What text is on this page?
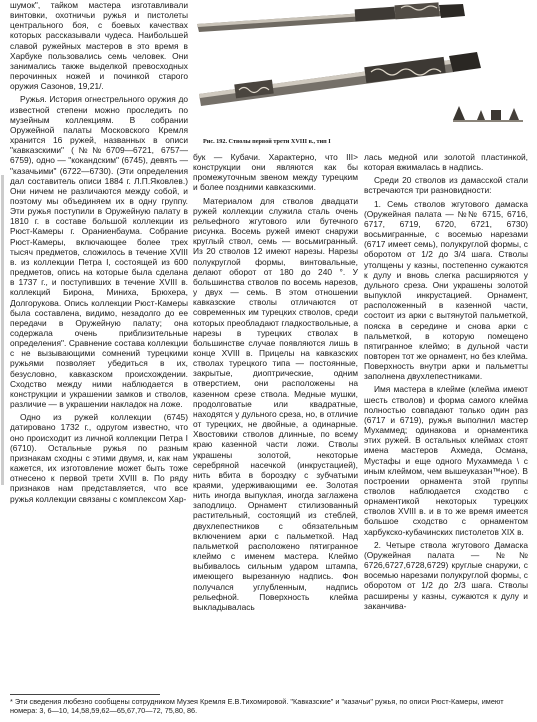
шумок", тайком мастера изготавливали винтовки, охотничьи ружья и пистолеты центрального боя, с боевых качествах которых рассказывали чудеса. Наибольшей славой ружейных мастеров в это время в Харбуке пользовались семь человек. Они занимались также выделкой превосходных перочинных ножей и починкой старого оружия Сазонов, 19,21/.

Ружья. История огнестрельного оружия до известной степени можно проследить по музейным коллекциям. В собрании Оружейной палаты Московского Кремля хранится 16 ружей, названных в описи "кавказскими" (№№6709—6721, 6757—6759), одно — "кокандским" (6745), девять — "казачьими" (6722—6730). (Эти определения дал составитель описи 1884 г. Л.П.Яковлев.) Они ничем не различаются между собой, и поэтому мы объединяем их в одну группу. Эти ружья поступили в Оружейную палату в 1810 г. в составе большой коллекции из Рюст-Камеры г. Ораниенбаума. Собрание Рюст-Камеры, включающее более трех тысяч предметов, сложилось в течение XVIII в. из коллекции Петра I, состоящей из 600 предметов, опись на которые была сделана в 1737 г., и поступивших в течение XVIII в. коллекций Бирона, Миниха, Брюхера, Долгорукова. Опись коллекции Рюст-Камеры была составлена, видимо, незадолго до ее передачи в Оружейную палату; она содержала очень приблизительные определения". Сравнение состава коллекции с не вызывающими сомнений турецкими ружьями позволяет убедиться в их, безусловно, кавказском происхождении. Сходство между ними наблюдается в конструкции и украшении замков и стволов, различие — в украшении накладок на ложе.

Одно из ружей коллекции (6745) датировано 1732 г., одругом известно, что оно происходит из личной коллекции Петра I (6710). Остальные ружья по разным признакам сходны с этими двумя, и, как нам кажется, их изготовление может быть тоже отнесено к первой трети XVIII в. По ряду признаков нам представляется, что все ружья коллекции связаны с комплексом Хар-

Рис. 192. Стволы первой трети XVIII в., тип I

бук — Кубачи. Характерно, что III> конструкции они являются как бы промежуточным звеном между турецким и более поздними кавказскими.

Материалом для стволов двадцати ружей коллекции служила сталь очень рельефного жгутового или бутечного рисунка. Восемь ружей имеют снаружи круглый ствол, семь — восьмигранный. Из 20 стволов 12 имеют нарезы. Нарезы полукруглой формы, винтовальные, делают оборот от 180 до 240 °. У большинства стволов по восемь нарезов, у двух — семь. В этом отношении кавказские стволы отличаются от современных им турецких стволов, среди которых преобладают гладкоствольные, а нарезы в турецких стволах в большинстве случае появляются лишь в конце XVIII в. Прицелы на кавказских стволах турецкого типа — постоянные, закрытые, диоптрические, одним отверстием, они расположены на казенном срезе ствола. Медные мушки, продолговатые или квадратные, находятся у дульного среза, но, в отличие от турецких, не двойные, а одинарные. Хвостовики стволов длинные, по всему краю казенной части ложи. Стволы украшены золотой, некоторые серебряной насечкой (инкрустацией), нить вбита в бороздку с зубчатыми краями, удерживающими ее. Золотая нить иногда выпуклая, иногда заглажена заподлицо. Орнамент стилизованный растительный, состоящий из стеблей, двухлепестников с обязательным включением арки с пальметкой. Над пальметкой расположено пятигранное клеймо с именем мастера. Клеймо выбивалось сильным ударом штампа, имеющего вырезанную надпись. Фон получался углубленным, надпись рельефной. Поверхность клейма выкладывалась

лась медной или золотой пластинкой, которая вжималась в надпись.

Среди 20 стволов из дамасской стали встречаются три разновидности:

1. Семь стволов жгутового дамаска (Оружейная палата — №№ 6715, 6716, 6717, 6719, 6720, 6721, 6730) восьмигранные, с восемью нарезами (6717 имеет семь), полукруглой формы, с оборотом от 1/2 до 3/4 шага. Стволы утолщены у казны, постепенно сужаются к дулу и вновь слегка расширяются у дульного среза. Они украшены золотой выпуклой инкрустацией. Орнамент, расположенный в казенной части, состоит из арки с вытянутой пальметкой, пояска в середине и снова арки с пальметкой, в которую помещено пятигранное клеймо; в дульной части повторен тот же орнамент, но без клейма. Поверхность внутри арки и пальметты заполнена двухлепестниками.

Имя мастера в клейме (клейма имеют шесть стволов) и форма самого клейма полностью совпадают только один раз (6717 и 6719), ружья выполнил мастер Мухаммед; одинакова и орнаментика этих ружей. В остальных клеймах стоят имена мастеров Ахмеда, Османа, Мустафы и еще одного Мухаммеда \ с иным клеймом, чем вышеуказан™ное). В построении орнамента этой группы стволов наблюдается сходство с орнаментикой некоторых турецких стволов XVIII в. и в то же время имеется большое сходство с орнаментом харбукско-кубачинских пистолетов XIX в.

2. Четыре ствола жгутового Дамаска (Оружейная палата — №№ 6726,6727,6728,6729) круглые снаружи, с восемью нарезами полукруглой формы, с оборотом от 1/2 до 2/3 шага. Стволы расширены у казны, сужаются к дулу и заканчива-

* Эти сведения любезно сообщены сотрудником Музея Кремля Е.В.Тихомировой. "Кавказские" и "казачьи" ружья, по описи Рюст-Камеры, имеют номера: 3, 6—10, 14,58,59,62—65,67,70—72, 75,80, 86.
